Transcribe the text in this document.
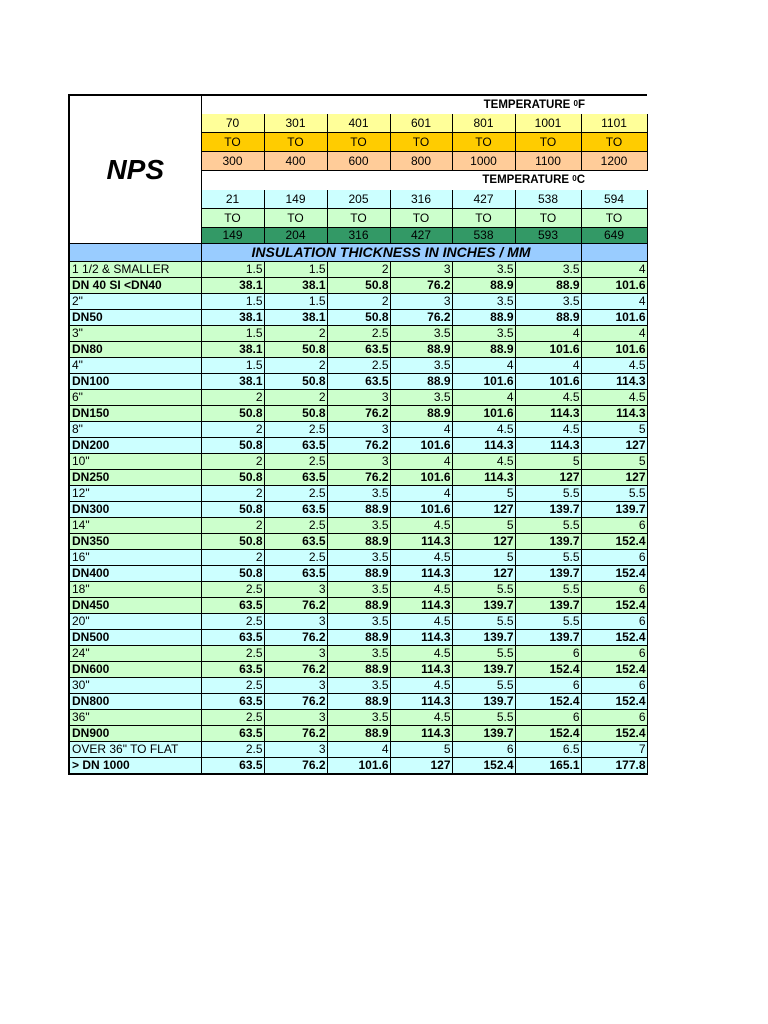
NPS	TEMPERATURE $^0$F						
	70	301	401	601	801	1001	1101
	TO	TO	TO	TO	TO	TO	TO
	300	400	600	800	1000	1100	1200
	TEMPERATURE $^0$C						
	21	149	205	316	427	538	594
	TO	TO	TO	TO	TO	TO	TO
	149	204	316	427	538	593	649
	INSULATION THICKNESS IN INCHES / MM						
1 1/2 & SMALLER	1.5	1.5	2	3	3.5	3.5	4
DN 40 SI <DN40	38.1	38.1	50.8	76.2	88.9	88.9	101.6
2"	1.5	1.5	2	3	3.5	3.5	4
DN50	38.1	38.1	50.8	76.2	88.9	88.9	101.6
3"	1.5	2	2.5	3.5	3.5	4	4
DN80	38.1	50.8	63.5	88.9	88.9	101.6	101.6
4"	1.5	2	2.5	3.5	4	4	4.5
DN100	38.1	50.8	63.5	88.9	101.6	101.6	114.3
6"	2	2	3	3.5	4	4.5	4.5
DN150	50.8	50.8	76.2	88.9	101.6	114.3	114.3
8"	2	2.5	3	4	4.5	4.5	5
DN200	50.8	63.5	76.2	101.6	114.3	114.3	127
10"	2	2.5	3	4	4.5	5	5
DN250	50.8	63.5	76.2	101.6	114.3	127	127
12"	2	2.5	3.5	4	5	5.5	5.5
DN300	50.8	63.5	88.9	101.6	127	139.7	139.7
14"	2	2.5	3.5	4.5	5	5.5	6
DN350	50.8	63.5	88.9	114.3	127	139.7	152.4
16"	2	2.5	3.5	4.5	5	5.5	6
DN400	50.8	63.5	88.9	114.3	127	139.7	152.4
18"	2.5	3	3.5	4.5	5.5	5.5	6
DN450	63.5	76.2	88.9	114.3	139.7	139.7	152.4
20"	2.5	3	3.5	4.5	5.5	5.5	6
DN500	63.5	76.2	88.9	114.3	139.7	139.7	152.4
24"	2.5	3	3.5	4.5	5.5	6	6
DN600	63.5	76.2	88.9	114.3	139.7	152.4	152.4
30"	2.5	3	3.5	4.5	5.5	6	6
DN800	63.5	76.2	88.9	114.3	139.7	152.4	152.4
36"	2.5	3	3.5	4.5	5.5	6	6
DN900	63.5	76.2	88.9	114.3	139.7	152.4	152.4
OVER 36" TO FLAT	2.5	3	4	5	6	6.5	7
> DN 1000	63.5	76.2	101.6	127	152.4	165.1	177.8
